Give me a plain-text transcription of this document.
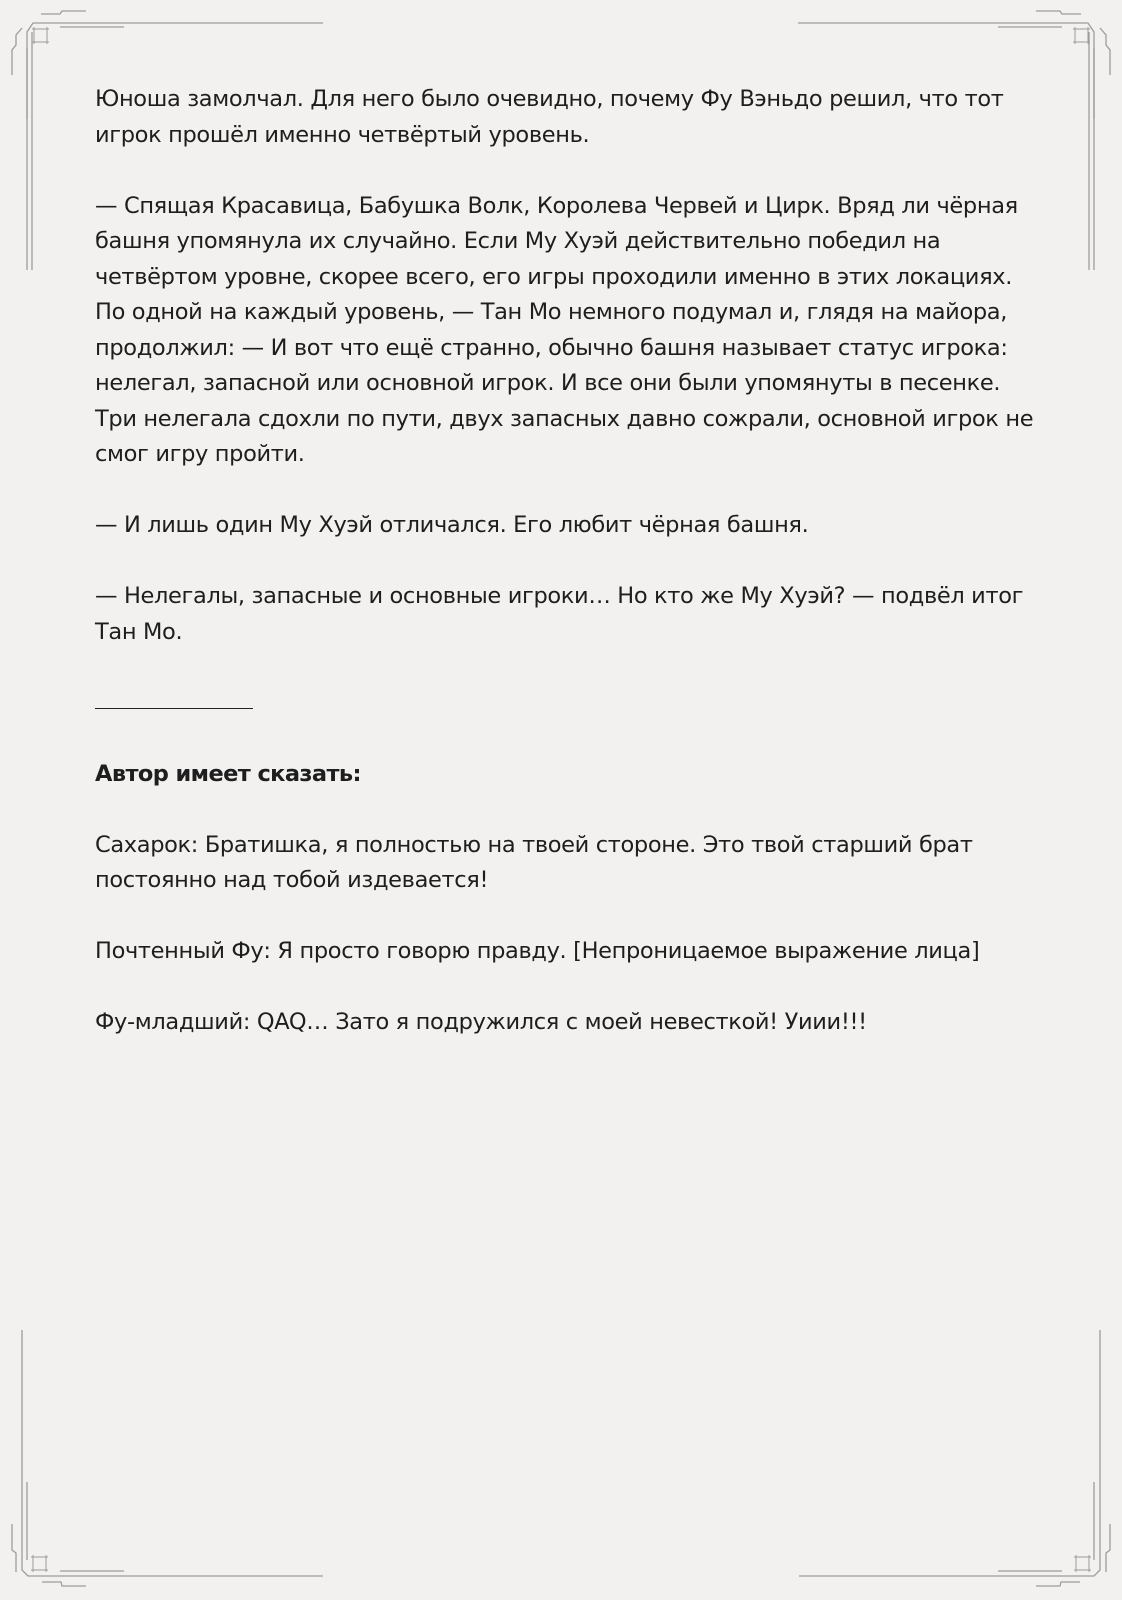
Юноша замолчал. Для него было очевидно, почему Фу Вэньдо решил, что тот игрок прошёл именно четвёртый уровень.

— Спящая Красавица, Бабушка Волк, Королева Червей и Цирк. Вряд ли чёрная башня упомянула их случайно. Если Му Хуэй действительно победил на четвёртом уровне, скорее всего, его игры проходили именно в этих локациях. По одной на каждый уровень, — Тан Мо немного подумал и, глядя на майора, продолжил: — И вот что ещё странно, обычно башня называет статус игрока: нелегал, запасной или основной игрок. И все они были упомянуты в песенке. Три нелегала сдохли по пути, двух запасных давно сожрали, основной игрок не смог игру пройти.

— И лишь один Му Хуэй отличался. Его любит чёрная башня.

— Нелегалы, запасные и основные игроки… Но кто же Му Хуэй? — подвёл итог Тан Мо.

Автор имеет сказать:

Сахарок: Братишка, я полностью на твоей стороне. Это твой старший брат постоянно над тобой издевается!

Почтенный Фу: Я просто говорю правду. [Непроницаемое выражение лица]

Фу-младший: QAQ… Зато я подружился с моей невесткой! Уиии!!!
